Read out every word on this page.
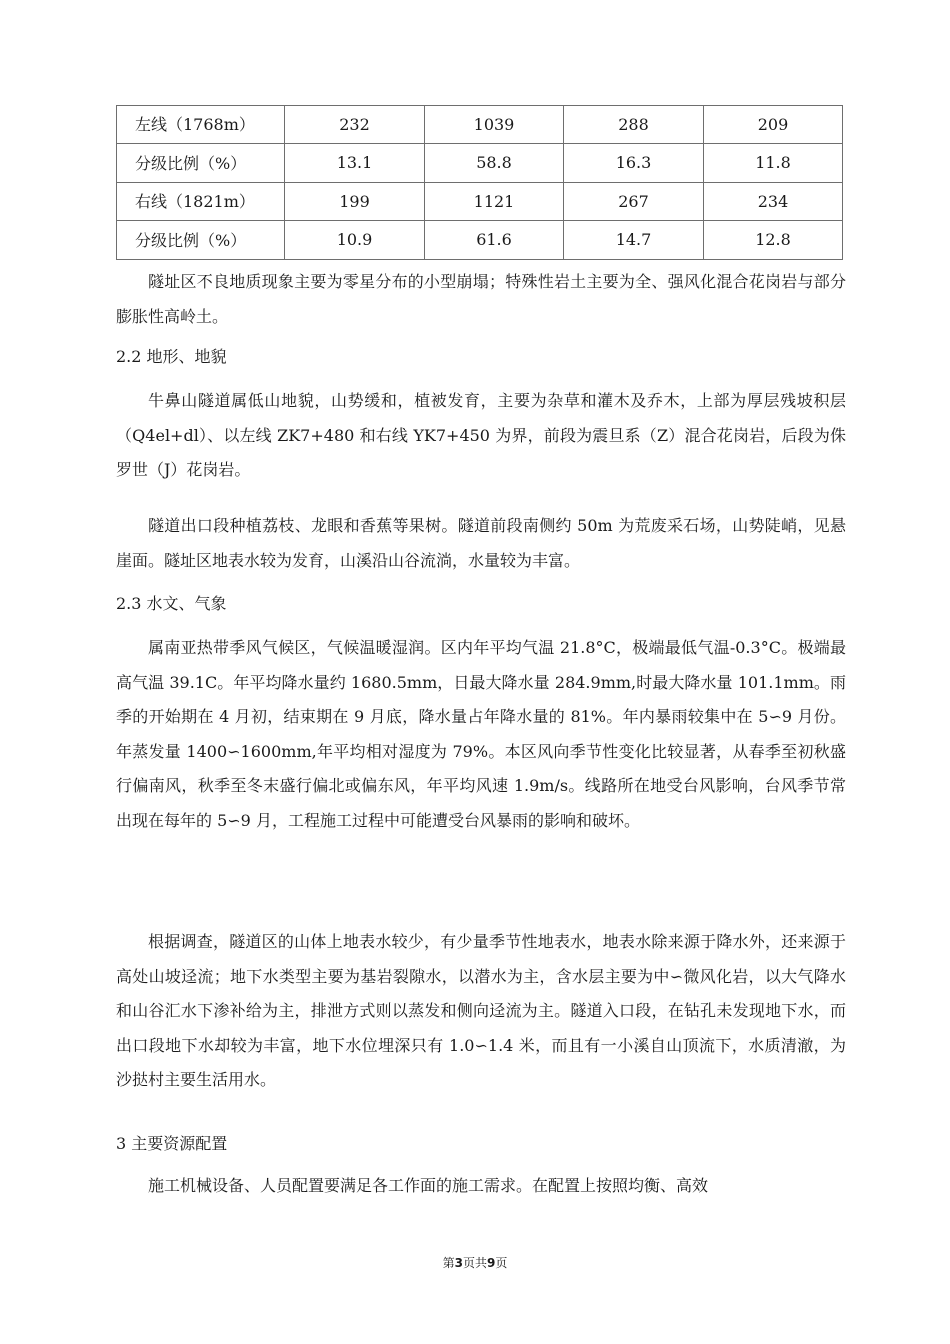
左线（1768m）	232	1039	288	209
分级比例（%）	13.1	58.8	16.3	11.8
右线（1821m）	199	1121	267	234
分级比例（%）	10.9	61.6	14.7	12.8

隧址区不良地质现象主要为零星分布的小型崩塌；特殊性岩土主要为全、强风化混合花岗岩与部分膨胀性高岭土。

2.2 地形、地貌

牛鼻山隧道属低山地貌，山势缓和，植被发育，主要为杂草和灌木及乔木，上部为厚层残坡积层（Q4el+dl）、以左线 ZK7+480 和右线 YK7+450 为界，前段为震旦系（Z）混合花岗岩，后段为侏罗世（J）花岗岩。

隧道出口段种植荔枝、龙眼和香蕉等果树。隧道前段南侧约 50m 为荒废采石场，山势陡峭，见悬崖面。隧址区地表水较为发育，山溪沿山谷流淌，水量较为丰富。

2.3 水文、气象

属南亚热带季风气候区，气候温暖湿润。区内年平均气温 21.8°C，极端最低气温-0.3°C。极端最高气温 39.1C。年平均降水量约 1680.5mm，日最大降水量 284.9mm,时最大降水量 101.1mm。雨季的开始期在 4 月初，结束期在 9 月底，降水量占年降水量的 81%。年内暴雨较集中在 5∽9 月份。年蒸发量 1400∽1600mm,年平均相对湿度为 79%。本区风向季节性变化比较显著，从春季至初秋盛行偏南风，秋季至冬末盛行偏北或偏东风，年平均风速 1.9m/s。线路所在地受台风影响，台风季节常出现在每年的 5∽9 月，工程施工过程中可能遭受台风暴雨的影响和破坏。

根据调查，隧道区的山体上地表水较少，有少量季节性地表水，地表水除来源于降水外，还来源于高处山坡迳流；地下水类型主要为基岩裂隙水，以潜水为主，含水层主要为中∽微风化岩，以大气降水和山谷汇水下渗补给为主，排泄方式则以蒸发和侧向迳流为主。隧道入口段，在钻孔未发现地下水，而出口段地下水却较为丰富，地下水位埋深只有 1.0∽1.4 米，而且有一小溪自山顶流下，水质清澈，为沙挞村主要生活用水。

3 主要资源配置

施工机械设备、人员配置要满足各工作面的施工需求。在配置上按照均衡、高效

第3页共9页
